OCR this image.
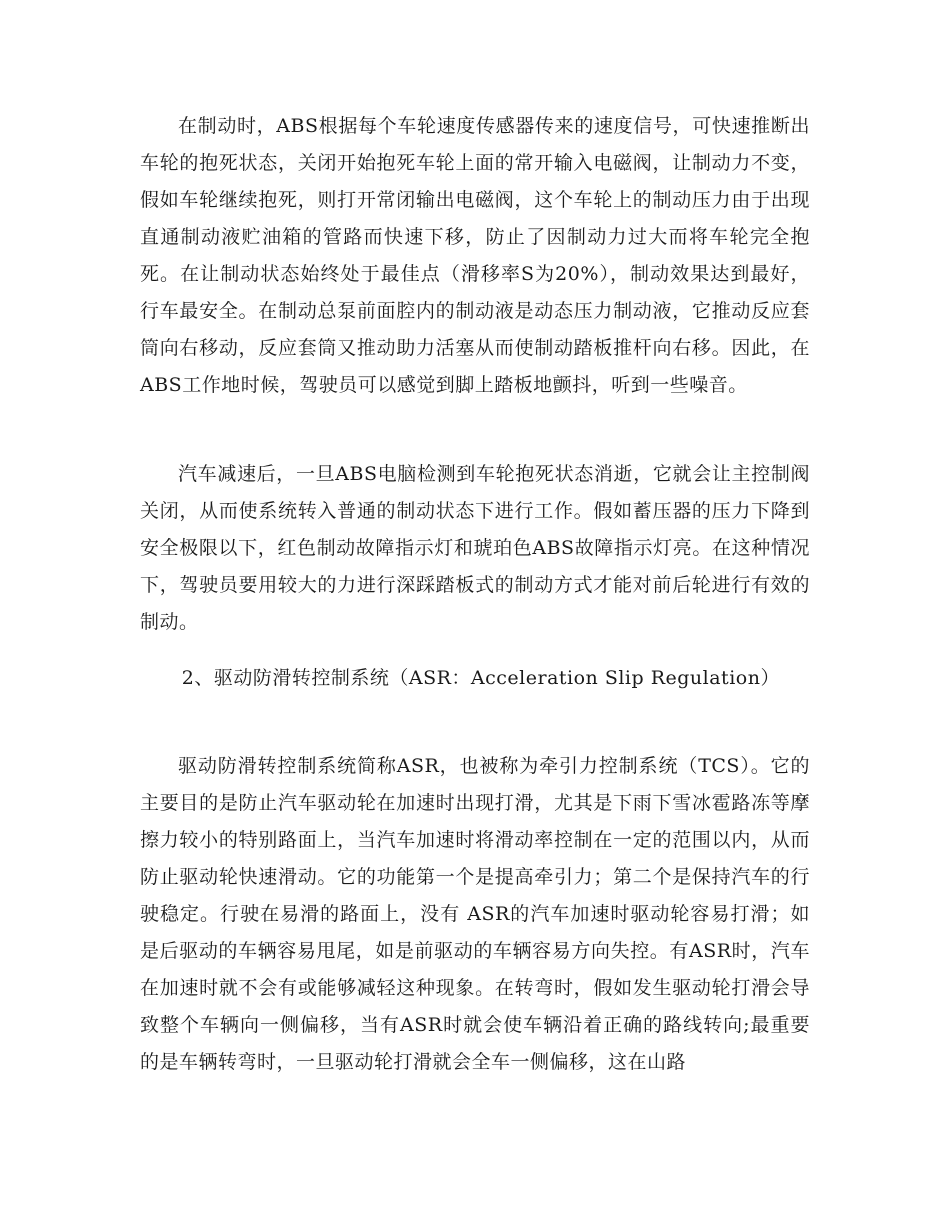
在制动时，ABS根据每个车轮速度传感器传来的速度信号，可快速推断出车轮的抱死状态，关闭开始抱死车轮上面的常开输入电磁阀，让制动力不变，假如车轮继续抱死，则打开常闭输出电磁阀，这个车轮上的制动压力由于出现直通制动液贮油箱的管路而快速下移，防止了因制动力过大而将车轮完全抱死。在让制动状态始终处于最佳点（滑移率S为20%），制动效果达到最好，行车最安全。在制动总泵前面腔内的制动液是动态压力制动液，它推动反应套筒向右移动，反应套筒又推动助力活塞从而使制动踏板推杆向右移。因此，在ABS工作地时候，驾驶员可以感觉到脚上踏板地颤抖，听到一些噪音。

汽车减速后，一旦ABS电脑检测到车轮抱死状态消逝，它就会让主控制阀关闭，从而使系统转入普通的制动状态下进行工作。假如蓄压器的压力下降到安全极限以下，红色制动故障指示灯和琥珀色ABS故障指示灯亮。在这种情况下，驾驶员要用较大的力进行深踩踏板式的制动方式才能对前后轮进行有效的制动。

2、驱动防滑转控制系统（ASR：Acceleration Slip Regulation）

驱动防滑转控制系统简称ASR，也被称为牵引力控制系统（TCS）。它的主要目的是防止汽车驱动轮在加速时出现打滑，尤其是下雨下雪冰雹路冻等摩擦力较小的特别路面上，当汽车加速时将滑动率控制在一定的范围以内，从而防止驱动轮快速滑动。它的功能第一个是提高牵引力；第二个是保持汽车的行驶稳定。行驶在易滑的路面上，没有 ASR的汽车加速时驱动轮容易打滑；如是后驱动的车辆容易甩尾，如是前驱动的车辆容易方向失控。有ASR时，汽车在加速时就不会有或能够减轻这种现象。在转弯时，假如发生驱动轮打滑会导致整个车辆向一侧偏移，当有ASR时就会使车辆沿着正确的路线转向;最重要的是车辆转弯时，一旦驱动轮打滑就会全车一侧偏移，这在山路
